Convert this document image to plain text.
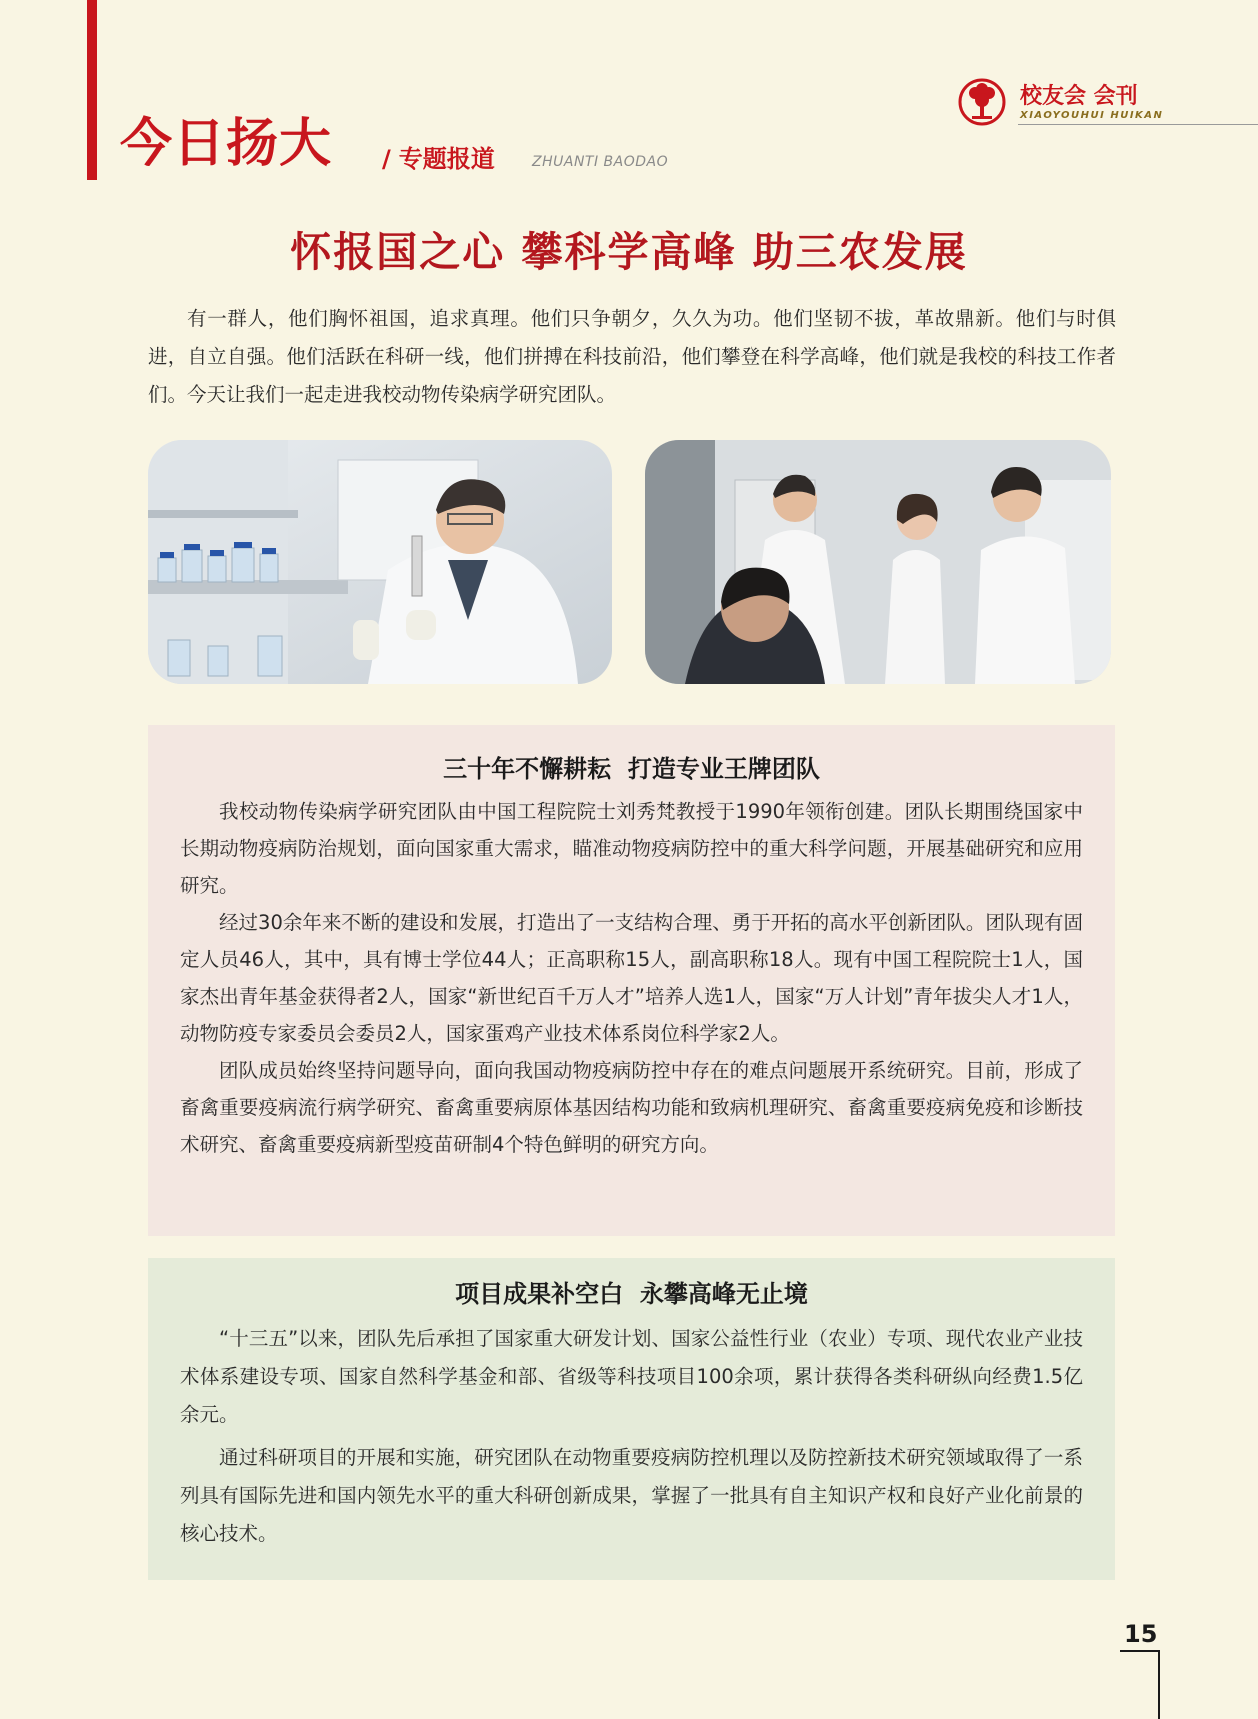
今日扬大 / 专题报道	ZHUANTI BAODAO
校友会 会刊
XIAOYOUHUI HUIKAN
怀报国之心 攀科学高峰 助三农发展

有一群人，他们胸怀祖国，追求真理。他们只争朝夕，久久为功。他们坚韧不拔，革故鼎新。他们与时俱进，自立自强。他们活跃在科研一线，他们拼搏在科技前沿，他们攀登在科学高峰，他们就是我校的科技工作者们。今天让我们一起走进我校动物传染病学研究团队。

三十年不懈耕耘  打造专业王牌团队

我校动物传染病学研究团队由中国工程院院士刘秀梵教授于1990年领衔创建。团队长期围绕国家中长期动物疫病防治规划，面向国家重大需求，瞄准动物疫病防控中的重大科学问题，开展基础研究和应用研究。

经过30余年来不断的建设和发展，打造出了一支结构合理、勇于开拓的高水平创新团队。团队现有固定人员46人，其中，具有博士学位44人；正高职称15人，副高职称18人。现有中国工程院院士1人，国家杰出青年基金获得者2人，国家“新世纪百千万人才”培养人选1人，国家“万人计划”青年拔尖人才1人，动物防疫专家委员会委员2人，国家蛋鸡产业技术体系岗位科学家2人。

团队成员始终坚持问题导向，面向我国动物疫病防控中存在的难点问题展开系统研究。目前，形成了畜禽重要疫病流行病学研究、畜禽重要病原体基因结构功能和致病机理研究、畜禽重要疫病免疫和诊断技术研究、畜禽重要疫病新型疫苗研制4个特色鲜明的研究方向。

项目成果补空白  永攀高峰无止境

“十三五”以来，团队先后承担了国家重大研发计划、国家公益性行业（农业）专项、现代农业产业技术体系建设专项、国家自然科学基金和部、省级等科技项目100余项，累计获得各类科研纵向经费1.5亿余元。

通过科研项目的开展和实施，研究团队在动物重要疫病防控机理以及防控新技术研究领域取得了一系列具有国际先进和国内领先水平的重大科研创新成果，掌握了一批具有自主知识产权和良好产业化前景的核心技术。

15
